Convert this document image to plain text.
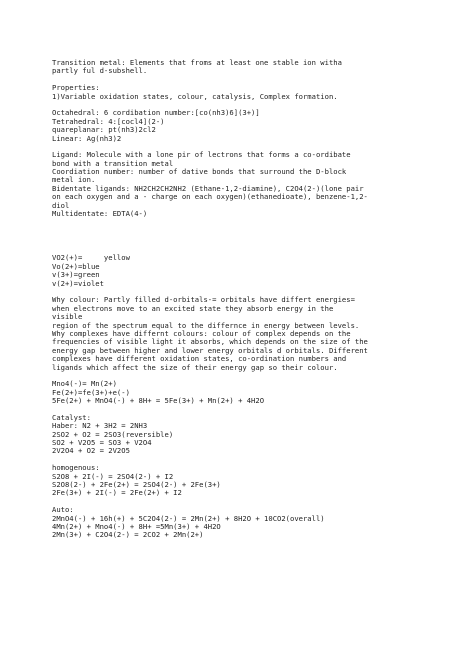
Transition metal: Elements that froms at least one stable ion witha
partly ful d-subshell.
Properties:
1)Variable oxidation states, colour, catalysis, Complex formation.
Octahedral: 6 cordibation number:[co(nh3)6](3+)]
Tetrahedral: 4:[cocl4](2-)
quareplanar: pt(nh3)2cl2
Linear: Ag(nh3)2
Ligand: Molecule with a lone pir of lectrons that forms a co-ordibate
bond with a transition metal
Coordiation number: number of dative bonds that surround the D-block
metal ion.
Bidentate ligands: NH2CH2CH2NH2 (Ethane-1,2-diamine), C2O4(2-)(lone pair
on each oxygen and a - charge on each oxygen)(ethanedioate), benzene-1,2-
diol
Multidentate: EDTA(4-)
VO2(+)=     yellow
Vo(2+)=blue
v(3+)=green
v(2+)=violet
Why colour: Partly filled d-orbitals-= orbitals have differt energies=
when electrons move to an excited state they absorb energy in the
visible
region of the spectrum equal to the differnce in energy between levels.
Why complexes have differnt colours: colour of complex depends on the
frequencies of visible light it absorbs, which depends on the size of the
energy gap between higher and lower energy orbitals d orbitals. Different
complexes have different oxidation states, co-ordination numbers and
ligands which affect the size of their energy gap so their colour.
Mno4(-)= Mn(2+)
Fe(2+)=fe(3+)+e(-)
5Fe(2+) + MnO4(-) + 8H+ = 5Fe(3+) + Mn(2+) + 4H2O
Catalyst:
Haber: N2 + 3H2 = 2NH3
2SO2 + O2 = 2SO3(reversible)
SO2 + V2O5 = SO3 + V2O4
2V2O4 + O2 = 2V2O5
homogenous:
S2O8 + 2I(-) = 2SO4(2-) + I2
S2O8(2-) + 2Fe(2+) = 2SO4(2-) + 2Fe(3+)
2Fe(3+) + 2I(-) = 2Fe(2+) + I2
Auto:
2MnO4(-) + 16h(+) + 5C2O4(2-) = 2Mn(2+) + 8H2O + 10CO2(overall)
4Mn(2+) + Mno4(-) + 8H+ =5Mn(3+) + 4H2O
2Mn(3+) + C2O4(2-) = 2CO2 + 2Mn(2+)
